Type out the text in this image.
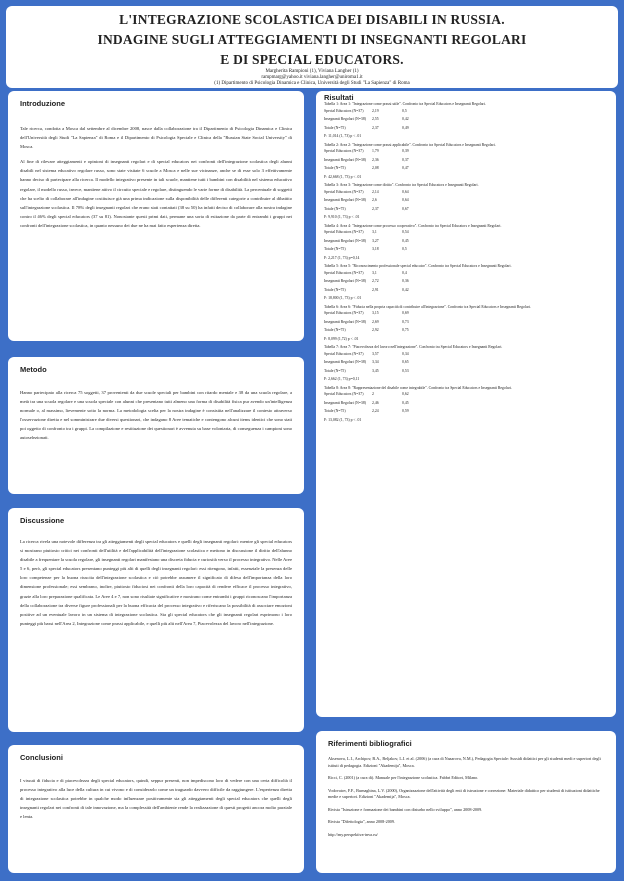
L'INTEGRAZIONE SCOLASTICA DEI DISABILI IN RUSSIA.
INDAGINE SUGLI ATTEGGIAMENTI DI INSEGNANTI REGOLARI
E DI SPECIAL EDUCATORS.
Margherita Rampioni (1), Viviana Langher (1)
rampmarg@yahoo.it viviana.langher@uniroma1.it
(1) Dipartimento di Psicologia Dinamica e Clinica, Università degli Studi "La Sapienza" di Roma
Introduzione

Tale ricerca, condotta a Mosca dal settembre al dicembre 2008, nasce dalla collaborazione tra il Dipartimento di Psicologia Dinamica e Clinica dell'Università degli Studi "La Sapienza" di Roma e il Dipartimento di Psicologia Speciale e Clinica della "Russian State Social University" di Mosca.

Al fine di rilevare atteggiamenti e opinioni di insegnanti regolari e di special educators nei confronti dell'integrazione scolastica degli alunni disabili nel sistema educativo regolare russo, sono state visitate 6 scuole a Mosca e nelle sue vicinanze, anche se di esse solo 3 effettivamente hanno deciso di partecipare alla ricerca. Il modello integrativo presente in tali scuole, mantiene tutti i bambini con disabilità nel sistema educativo regolare, il modello russo, invece, mantiene attivo il circuito speciale e regolare, distinguendo le varie forme di disabilità. La percentuale di soggetti che ha scelto di collaborare all'indagine costituisce già una prima indicazione sulla disponibilità delle differenti categorie a contribuire al dibattito sull'integrazione scolastica. Il 78% degli insegnanti regolari che erano stati contattati (38 su 50) ha infatti deciso di collaborare alla nostra indagine contro il 46% degli special educators (37 su 81). Nonostante questi primi dati, permane una sorta di esitazione da parte di entrambi i gruppi nei confronti dell'integrazione scolastica, in quanto nessuno dei due ne ha mai fatto esperienza diretta.

Metodo

Hanno partecipato alla ricerca 75 soggetti, 37 provenienti da due scuole speciali per bambini con ritardo mentale e 38 da una scuola regolare, a metà tra una scuola regolare e una scuola speciale con alunni che presentano tutti almeno una forma di disabilità fisica pur avendo un'intelligenza normale o, al massimo, lievemente sotto la norma. La metodologia scelta per la nostra indagine è consistita nell'analizzare il contesto attraverso l'osservazione diretta e nel somministrare due diversi questionari, che indagano 8 Aree tematiche e contengono alcuni items identici che sono stati poi oggetto di confronto tra i gruppi. La compilazione e restituzione dei questionari è avvenuta su base volontaria, di conseguenza i campioni sono autoselezionati.

Discussione

La ricerca rivela una notevole differenza tra gli atteggiamenti degli special educators e quelli degli insegnanti regolari: mentre gli special educators si mostrano piuttosto critici nei confronti dell'utilità e dell'applicabilità dell'integrazione scolastica e mettono in discussione il diritto dell'alunno disabile a frequentare la scuola regolare, gli insegnanti regolari manifestano una discreta fiducia e curiosità verso il processo integrativo. Nelle Aree 5 e 6, però, gli special educators presentano punteggi più alti di quelli degli insegnanti regolari: essi ritengono, infatti, essenziale la presenza delle loro competenze per la buona riuscita dell'integrazione scolastica e ciò potrebbe assumere il significato di difesa dell'importanza della loro dimensione professionale; essi sembrano, inoltre, piuttosto fiduciosi nei confronti della loro capacità di rendere efficace il processo integrativo, grazie alla loro preparazione qualificata. Le Aree 4 e 7, non sono risultate significative e mostrano come entrambi i gruppi riconoscano l'importanza della collaborazione tra diverse figure professionali per la buona efficacia del processo integrativo e riferiscano la possibilità di associare emozioni positive ad un eventuale lavoro in un sistema di integrazione scolastica. Sia gli special educators che gli insegnanti regolari esprimono i loro punteggi più bassi nell'Area 2, Integrazione come prassi applicabile, e quelli più alti nell'Area 7, Piacevolezza del lavoro nell'integrazione.

Conclusioni

I vissuti di fiducia e di piacevolezza degli special educators, quindi, seppur presenti, non impediscono loro di vedere con una certa difficoltà il processo integrativo alla luce della cultura in cui vivono e di considerarlo come un traguardo davvero difficile da raggiungere. L'esperienza diretta di integrazione scolastica potrebbe in qualche modo influenzare positivamente sia gli atteggiamenti degli special educators che quelli degli insegnanti regolari nei confronti di tale innovazione, ma la complessità dell'ambiente rende la realizzazione di questi progetti ancora molto parziale e lenta.

Risultati
Tabella 1: Area 1: "Integrazione come prassi utile". Confronto tra Special Educators e Insegnanti Regolari.
Special Educators (N=37)	2,19	0,5
Insegnanti Regolari (N=38)	2,55	0,42
Totale (N=75)	2,37	0,49
F: 11,014 (1, 73) p < .01
Tabella 2: Area 2: "Integrazione come prassi applicabile". Confronto tra Special Educators e Insegnanti Regolari.
Special Educators (N=37)	1,79	0,39
Insegnanti Regolari (N=38)	2,36	0,37
Totale (N=75)	2,08	0,47
F: 42,668 (1, 73) p < .01
Tabella 3: Area 3: "Integrazione come diritto". Confronto tra Special Educators e Insegnanti Regolari.
Special Educators (N=37)	2,14	0,64
Insegnanti Regolari (N=38)	2,6	0,64
Totale (N=75)	2,37	0,67
F: 9,910 (1, 73) p < .01
Tabella 4: Area 4: "Integrazione come processo cooperativo". Confronto tra Special Educators e Insegnanti Regolari.
Special Educators (N=37)	3,1	0,54
Insegnanti Regolari (N=38)	3,27	0,45
Totale (N=75)	3,18	0,5
F: 2,217 (1, 73) p=0,14
Tabella 5: Area 5: "Riconoscimento professionale special educator". Confronto tra Special Educators e Insegnanti Regolari.
Special Educators (N=37)	3,1	0,4
Insegnanti Regolari (N=38)	2,72	0,36
Totale (N=75)	2,91	0,42
F: 18,800 (1, 73) p < .01
Tabella 6: Area 6: "Fiducia nella propria capacità di contribuire all'integrazione". Confronto tra Special Educators e Insegnanti Regolari.
Special Educators (N=37)	3,15	0,69
Insegnanti Regolari (N=38)	2,69	0,73
Totale (N=75)	2,92	0,75
F: 8,099 (1,72) p < .01
Tabella 7: Area 7: "Piacevolezza del lavoro nell'integrazione". Confronto tra Special Educators e Insegnanti Regolari.
Special Educators (N=37)	3,57	0,34
Insegnanti Regolari (N=38)	3,34	0,65
Totale (N=75)	3,45	0,53
F: 2,662 (1, 73) p=0,11
Tabella 8: Area 8: "Rappresentazione del disabile come integrabile". Confronto tra Special Educators e Insegnanti Regolari.
Special Educators (N=37)	2	0,62
Insegnanti Regolari (N=38)	2,46	0,45
Totale (N=75)	2,24	0,59
F: 13,082 (1, 73) p < .01
Riferimenti bibliografici

Aksenova, L.I., Archipov, B.A., Beljakov, L.I. et al. (2006) (a cura di Nazarova, N.M.), Pedagogia Speciale: Sussidi didattici per gli studenti medi e superiori degli istituti di pedagogia. Edizioni "Akademija", Mosca.

Ricci, C. (2001) (a cura di). Manuale per l'integrazione scolastica. Fabbri Editori, Milano.

Vodovatov, F.F., Burnaghina, L.V. (2000), Organizzazione dell'attività degli enti di istruzione e correzione: Materiale didattico per studenti di istituzioni didattiche medie e superiori. Edizioni "Akademija", Mosca.

Rivista "Istruzione e formazione dei bambini con disturbo nello sviluppo", anno 2008-2009.

Rivista "Difettologia", anno 2008-2009.

http://my.perspektiva-inva.ru/
